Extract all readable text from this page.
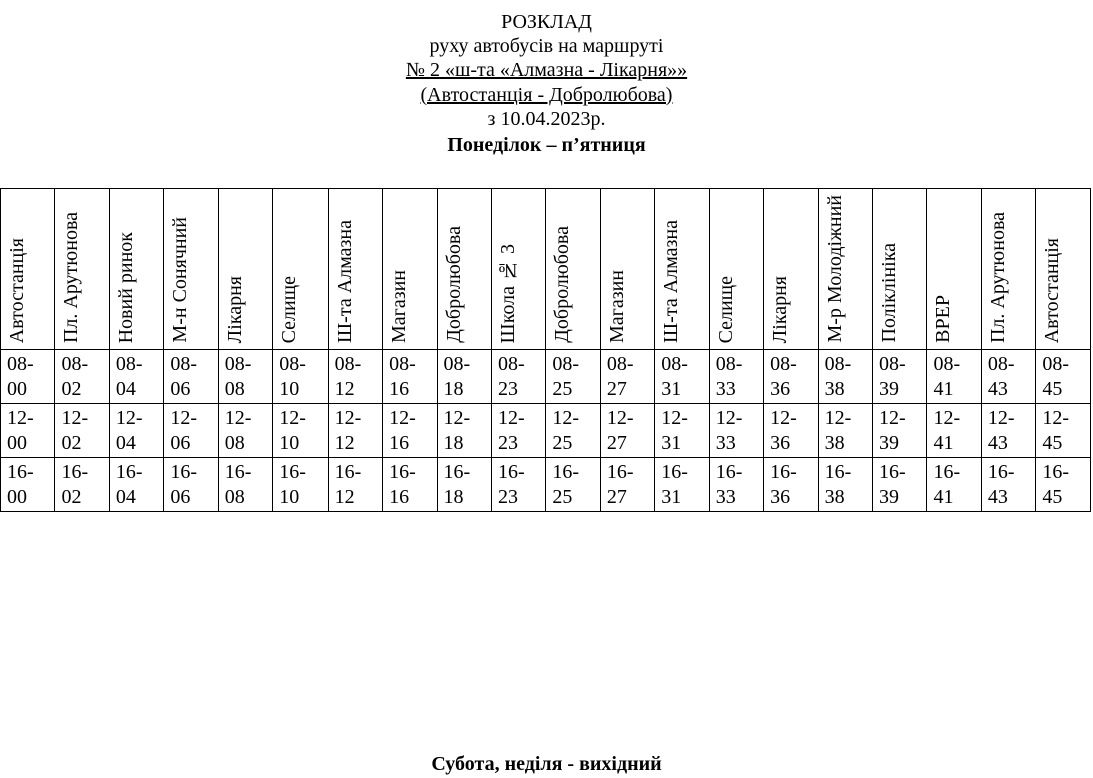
РОЗКЛАД
руху автобусів на маршруті
№ 2 «ш-та «Алмазна - Лікарня»»
(Автостанція - Добролюбова)
з 10.04.2023р.
Понеділок – п’ятниця
Автостанція	Пл. Арутюнова	Новий ринок	М-н Сонячний	Лікарня	Селище	Ш-та Алмазна	Магазин	Добролюбова	Школа № 3	Добролюбова	Магазин	Ш-та Алмазна	Селище	Лікарня	М-р Молодіжний	Поліклініка	ВРЕР	Пл. Арутюнова	Автостанція

08-
00	08-
02	08-
04	08-
06	08-
08	08-
10	08-
12	08-
16	08-
18	08-
23	08-
25	08-
27	08-
31	08-
33	08-
36	08-
38	08-
39	08-
41	08-
43	08-
45

12-
00	12-
02	12-
04	12-
06	12-
08	12-
10	12-
12	12-
16	12-
18	12-
23	12-
25	12-
27	12-
31	12-
33	12-
36	12-
38	12-
39	12-
41	12-
43	12-
45

16-
00	16-
02	16-
04	16-
06	16-
08	16-
10	16-
12	16-
16	16-
18	16-
23	16-
25	16-
27	16-
31	16-
33	16-
36	16-
38	16-
39	16-
41	16-
43	16-
45
Субота, неділя - вихідний
